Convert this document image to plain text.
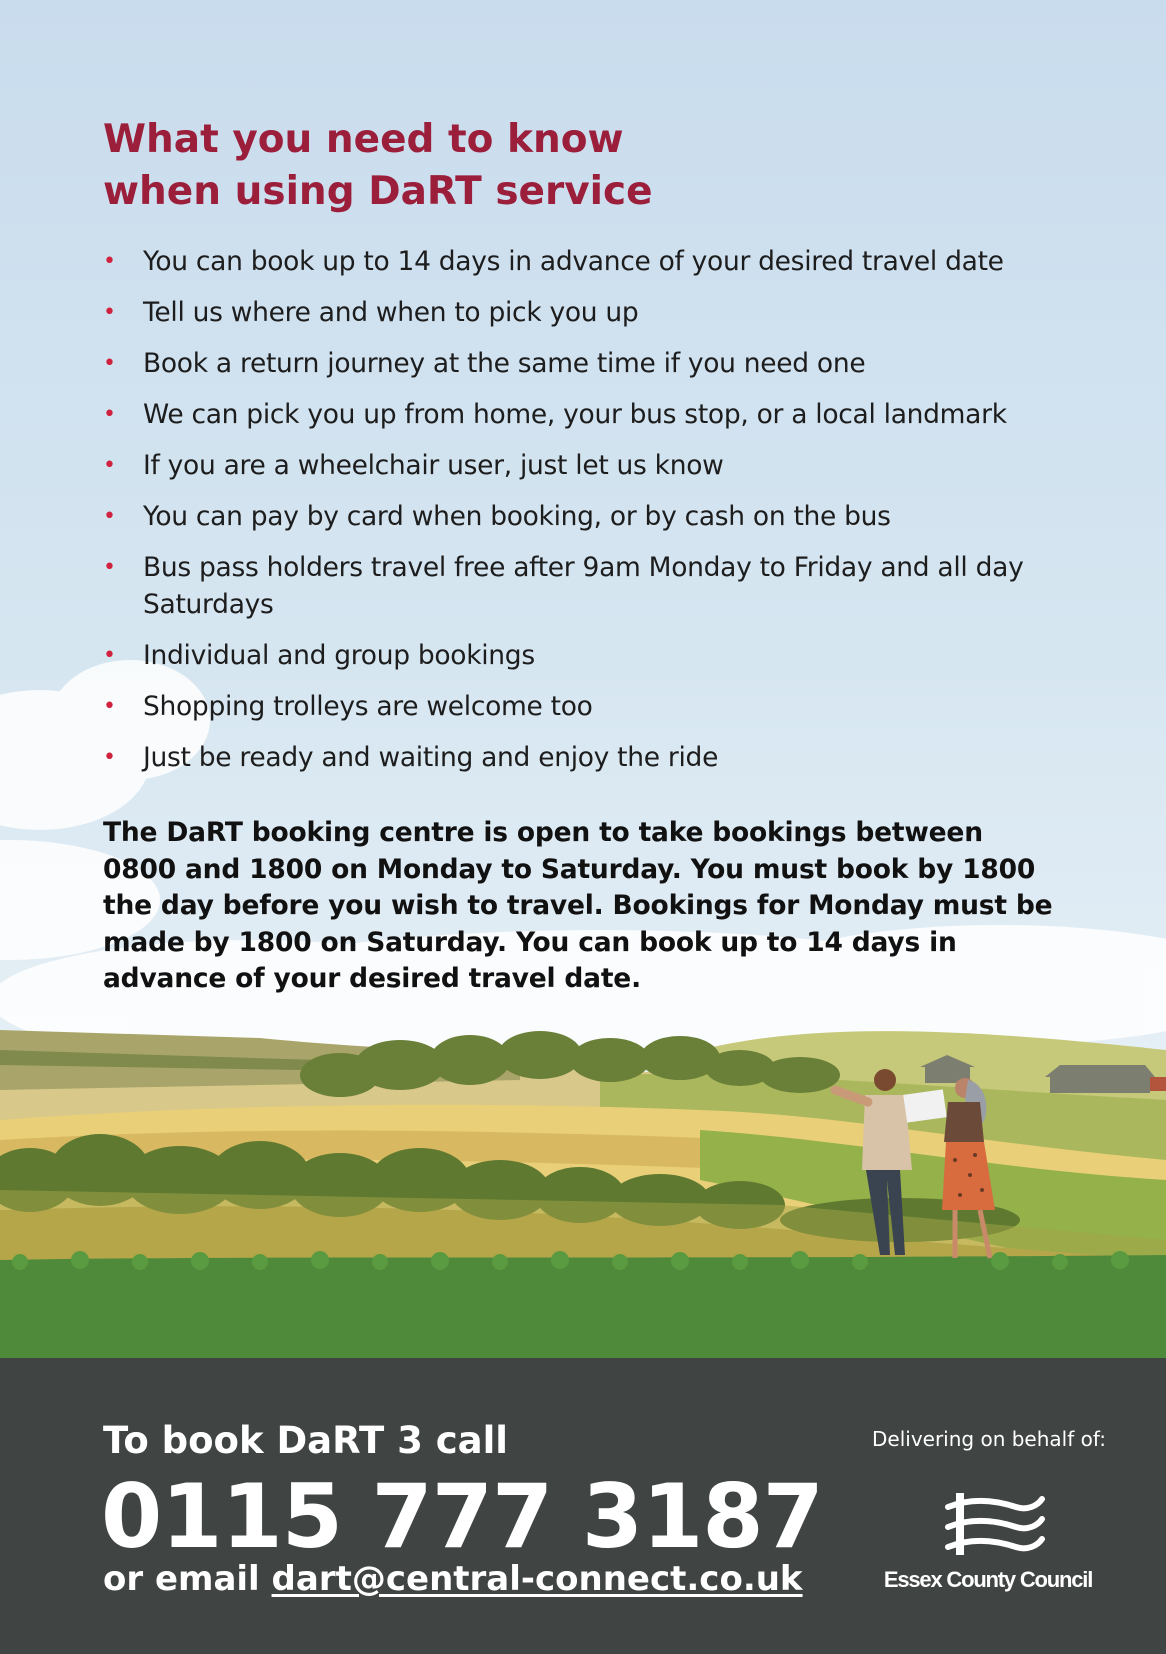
What you need to know
when using DaRT service
• You can book up to 14 days in advance of your desired travel date
• Tell us where and when to pick you up
• Book a return journey at the same time if you need one
• We can pick you up from home, your bus stop, or a local landmark
• If you are a wheelchair user, just let us know
• You can pay by card when booking, or by cash on the bus
• Bus pass holders travel free after 9am Monday to Friday and all day Saturdays
• Individual and group bookings
• Shopping trolleys are welcome too
• Just be ready and waiting and enjoy the ride

The DaRT booking centre is open to take bookings between 0800 and 1800 on Monday to Saturday. You must book by 1800 the day before you wish to travel. Bookings for Monday must be made by 1800 on Saturday. You can book up to 14 days in advance of your desired travel date.

To book DaRT 3 call

0115 777 3187

or email dart@central-connect.co.uk

Delivering on behalf of:
Essex County Council
